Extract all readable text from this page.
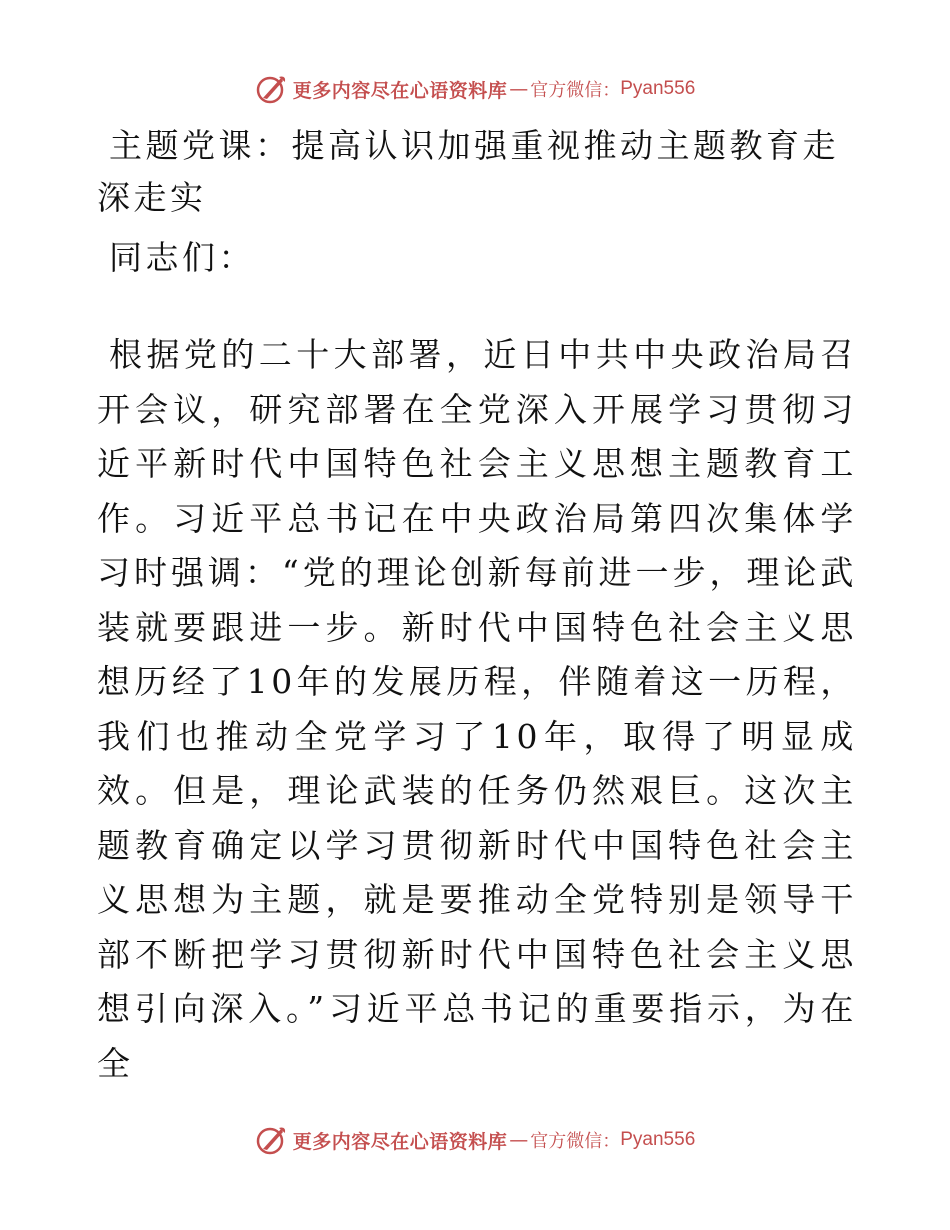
更多内容尽在心语资料库 — 官方微信： Pyan556
主题党课：提高认识加强重视推动主题教育走深走实
同志们：
根据党的二十大部署，近日中共中央政治局召开会议，研究部署在全党深入开展学习贯彻习近平新时代中国特色社会主义思想主题教育工作。习近平总书记在中央政治局第四次集体学习时强调：“党的理论创新每前进一步，理论武装就要跟进一步。新时代中国特色社会主义思想历经了10年的发展历程，伴随着这一历程，我们也推动全党学习了10年，取得了明显成效。但是，理论武装的任务仍然艰巨。这次主题教育确定以学习贯彻新时代中国特色社会主义思想为主题，就是要推动全党特别是领导干部不断把学习贯彻新时代中国特色社会主义思想引向深入。”习近平总书记的重要指示，为在全
更多内容尽在心语资料库 — 官方微信： Pyan556
